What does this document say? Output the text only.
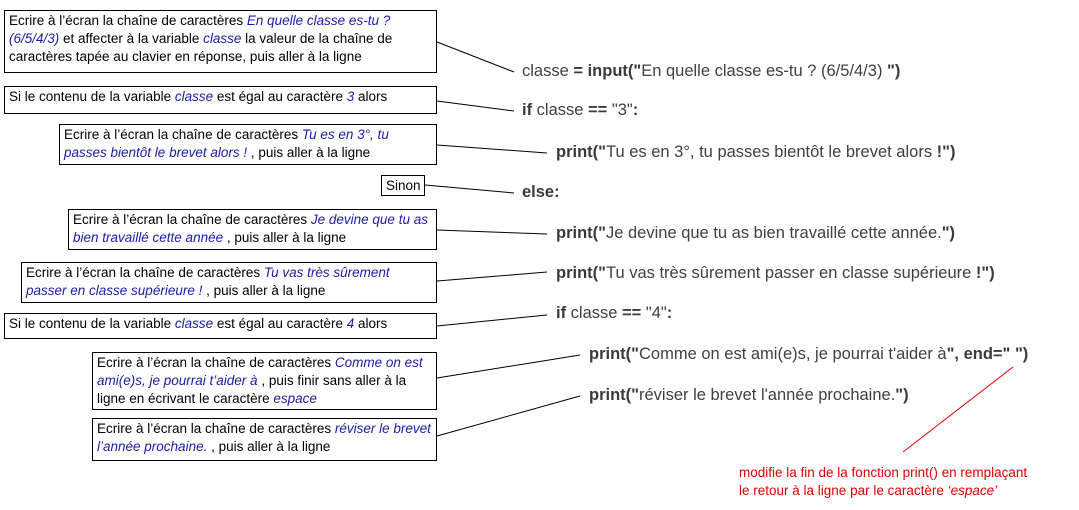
Ecrire à l’écran la chaîne de caractères En quelle classe es-tu ? (6/5/4/3) et affecter à la variable classe la valeur de la chaîne de caractères tapée au clavier en réponse, puis aller à la ligne
Si le contenu de la variable classe est égal au caractère 3 alors
Ecrire à l’écran la chaîne de caractères Tu es en 3°, tu passes bientôt le brevet alors ! , puis aller à la ligne
Sinon
Ecrire à l’écran la chaîne de caractères Je devine que tu as bien travaillé cette année , puis aller à la ligne
Ecrire à l’écran la chaîne de caractères Tu vas très sûrement passer en classe supérieure ! , puis aller à la ligne
Si le contenu de la variable classe est égal au caractère 4 alors
Ecrire à l’écran la chaîne de caractères Comme on est ami(e)s, je pourrai t’aider à , puis finir sans aller à la ligne en écrivant le caractère espace
Ecrire à l’écran la chaîne de caractères réviser le brevet l’année prochaine. , puis aller à la ligne
classe = input("En quelle classe es-tu ? (6/5/4/3) ")
if classe == "3":
print("Tu es en 3°, tu passes bientôt le brevet alors !")
else:
print("Je devine que tu as bien travaillé cette année.")
print("Tu vas très sûrement passer en classe supérieure !")
if classe == "4":
print("Comme on est ami(e)s, je pourrai t'aider à", end=" ")
print("réviser le brevet l'année prochaine.")
modifie la fin de la fonction print() en remplaçant
le retour à la ligne par le caractère ‘espace’
